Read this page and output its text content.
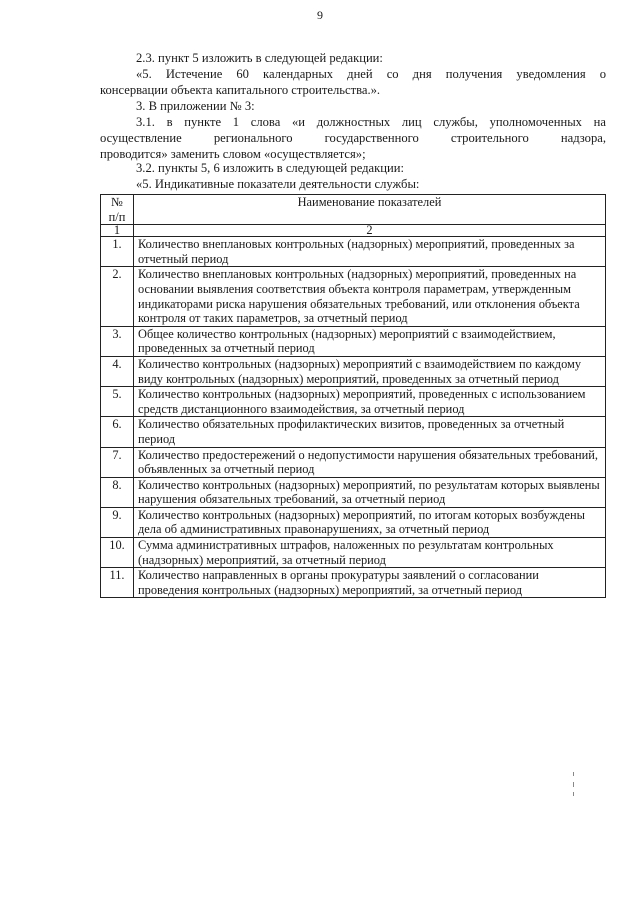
9

2.3. пункт 5 изложить в следующей редакции:

«5. Истечение 60 календарных дней со дня получения уведомления о

консервации объекта капитального строительства.».

3. В приложении № 3:

3.1. в пункте 1 слова «и должностных лиц службы, уполномоченных на

осуществление регионального государственного строительного надзора,

проводится» заменить словом «осуществляется»;

3.2. пункты 5, 6 изложить в следующей редакции:

«5. Индикативные показатели деятельности службы:

№ п/п	Наименование показателей
1	2
1.	Количество внеплановых контрольных (надзорных) мероприятий, проведенных за отчетный период
2.	Количество внеплановых контрольных (надзорных) мероприятий, проведенных на основании выявления соответствия объекта контроля параметрам, утвержденным индикаторами риска нарушения обязательных требований, или отклонения объекта контроля от таких параметров, за отчетный период
3.	Общее количество контрольных (надзорных) мероприятий с взаимодействием, проведенных за отчетный период
4.	Количество контрольных (надзорных) мероприятий с взаимодействием по каждому виду контрольных (надзорных) мероприятий, проведенных за отчетный период
5.	Количество контрольных (надзорных) мероприятий, проведенных с использованием средств дистанционного взаимодействия, за отчетный период
6.	Количество обязательных профилактических визитов, проведенных за отчетный период
7.	Количество предостережений о недопустимости нарушения обязательных требований, объявленных за отчетный период
8.	Количество контрольных (надзорных) мероприятий, по результатам которых выявлены нарушения обязательных требований, за отчетный период
9.	Количество контрольных (надзорных) мероприятий, по итогам которых возбуждены дела об административных правонарушениях, за отчетный период
10.	Сумма административных штрафов, наложенных по результатам контрольных (надзорных) мероприятий, за отчетный период
11.	Количество направленных в органы прокуратуры заявлений о согласовании проведения контрольных (надзорных) мероприятий, за отчетный период
